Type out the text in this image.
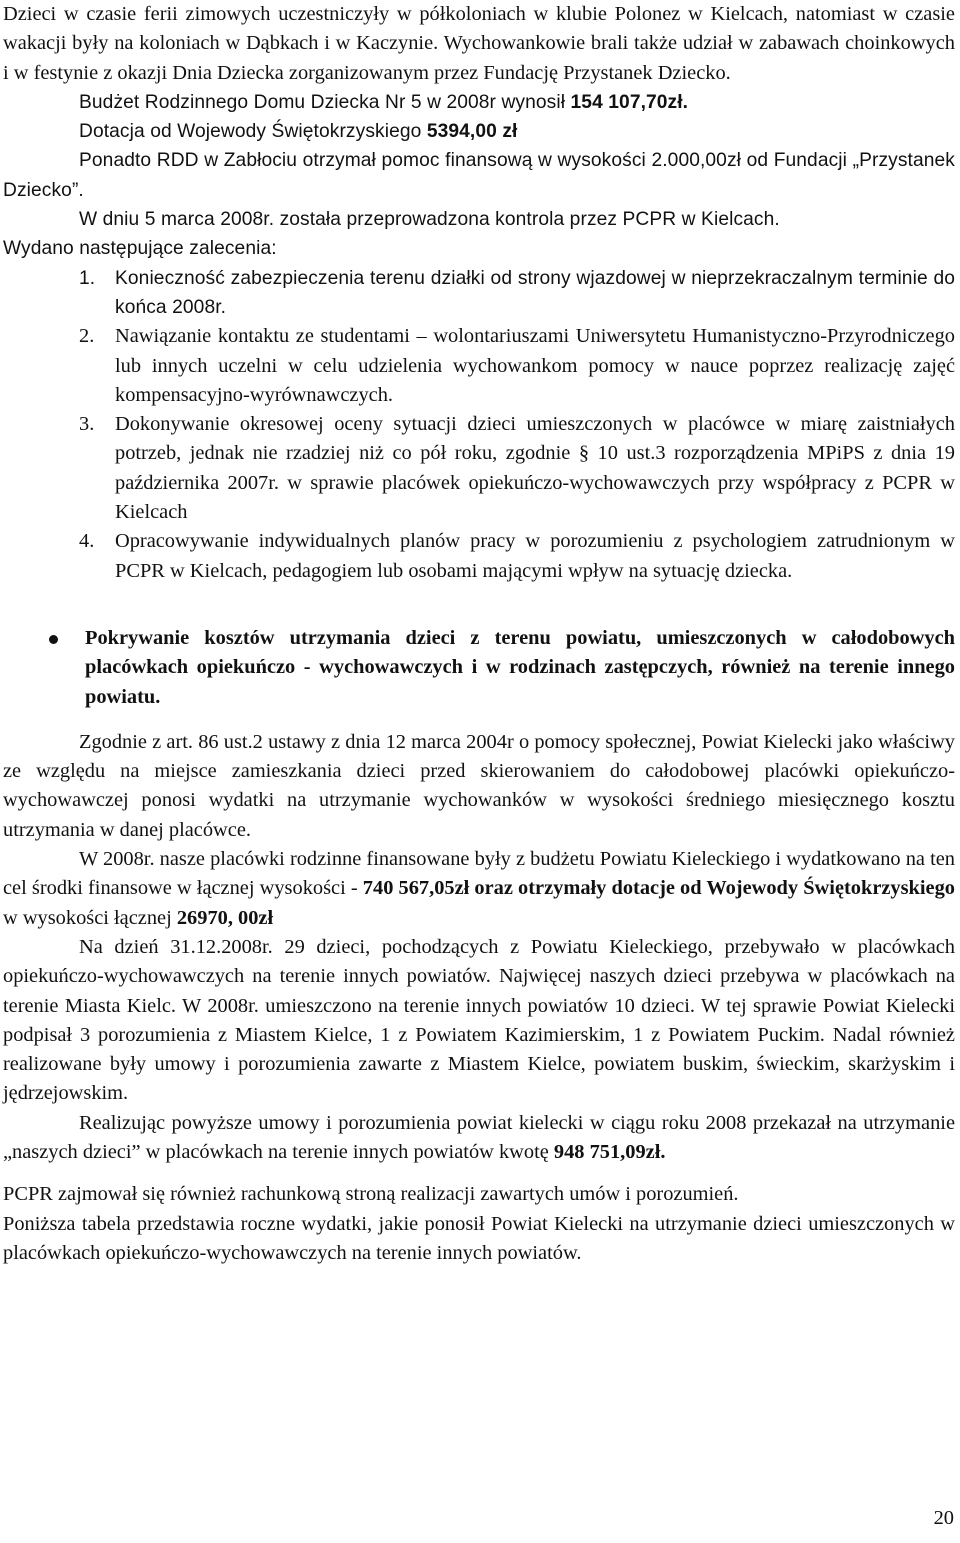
Dzieci w czasie ferii zimowych uczestniczyły w półkoloniach w klubie Polonez w Kielcach, natomiast w czasie wakacji były na koloniach w Dąbkach i w Kaczynie. Wychowankowie brali także udział w zabawach choinkowych i w festynie z okazji Dnia Dziecka zorganizowanym przez Fundację Przystanek Dziecko.

Budżet Rodzinnego Domu Dziecka Nr 5 w 2008r wynosił 154 107,70zł.

Dotacja od Wojewody Świętokrzyskiego 5394,00 zł

Ponadto RDD w Zabłociu otrzymał pomoc finansową w wysokości 2.000,00zł od Fundacji „Przystanek Dziecko”.

W dniu 5 marca 2008r. została przeprowadzona kontrola przez PCPR w Kielcach.

Wydano następujące zalecenia:

1. Konieczność zabezpieczenia terenu działki od strony wjazdowej w nieprzekraczalnym terminie do końca 2008r.
2. Nawiązanie kontaktu ze studentami – wolontariuszami Uniwersytetu Humanistyczno-Przyrodniczego lub innych uczelni w celu udzielenia wychowankom pomocy w nauce poprzez realizację zajęć kompensacyjno-wyrównawczych.
3. Dokonywanie okresowej oceny sytuacji dzieci umieszczonych w placówce w miarę zaistniałych potrzeb, jednak nie rzadziej niż co pół roku, zgodnie § 10 ust.3 rozporządzenia MPiPS z dnia 19 października 2007r. w sprawie placówek opiekuńczo-wychowawczych przy współpracy z PCPR w Kielcach
4. Opracowywanie indywidualnych planów pracy w porozumieniu z psychologiem zatrudnionym w PCPR w Kielcach, pedagogiem lub osobami mającymi wpływ na sytuację dziecka.
Pokrywanie kosztów utrzymania dzieci z terenu powiatu, umieszczonych w całodobowych placówkach opiekuńczo - wychowawczych i w rodzinach zastępczych, również na terenie innego powiatu.

Zgodnie z art. 86 ust.2 ustawy z dnia 12 marca 2004r o pomocy społecznej, Powiat Kielecki jako właściwy ze względu na miejsce zamieszkania dzieci przed skierowaniem do całodobowej placówki opiekuńczo-wychowawczej ponosi wydatki na utrzymanie wychowanków w wysokości średniego miesięcznego kosztu utrzymania w danej placówce.

W 2008r. nasze placówki rodzinne finansowane były z budżetu Powiatu Kieleckiego i wydatkowano na ten cel środki finansowe w łącznej wysokości - 740 567,05zł oraz otrzymały dotacje od Wojewody Świętokrzyskiego w wysokości łącznej 26970, 00zł

Na dzień 31.12.2008r. 29 dzieci, pochodzących z Powiatu Kieleckiego, przebywało w placówkach opiekuńczo-wychowawczych na terenie innych powiatów. Najwięcej naszych dzieci przebywa w placówkach na terenie Miasta Kielc. W 2008r. umieszczono na terenie innych powiatów 10 dzieci. W tej sprawie Powiat Kielecki podpisał 3 porozumienia z Miastem Kielce, 1 z Powiatem Kazimierskim, 1 z Powiatem Puckim. Nadal również realizowane były umowy i porozumienia zawarte z Miastem Kielce, powiatem buskim, świeckim, skarżyskim i jędrzejowskim.

Realizując powyższe umowy i porozumienia powiat kielecki w ciągu roku 2008 przekazał na utrzymanie „naszych dzieci” w placówkach na terenie innych powiatów kwotę 948 751,09zł.

PCPR zajmował się również rachunkową stroną realizacji zawartych umów i porozumień.

Poniższa tabela przedstawia roczne wydatki, jakie ponosił Powiat Kielecki na utrzymanie dzieci umieszczonych w placówkach opiekuńczo-wychowawczych na terenie innych powiatów.

20
